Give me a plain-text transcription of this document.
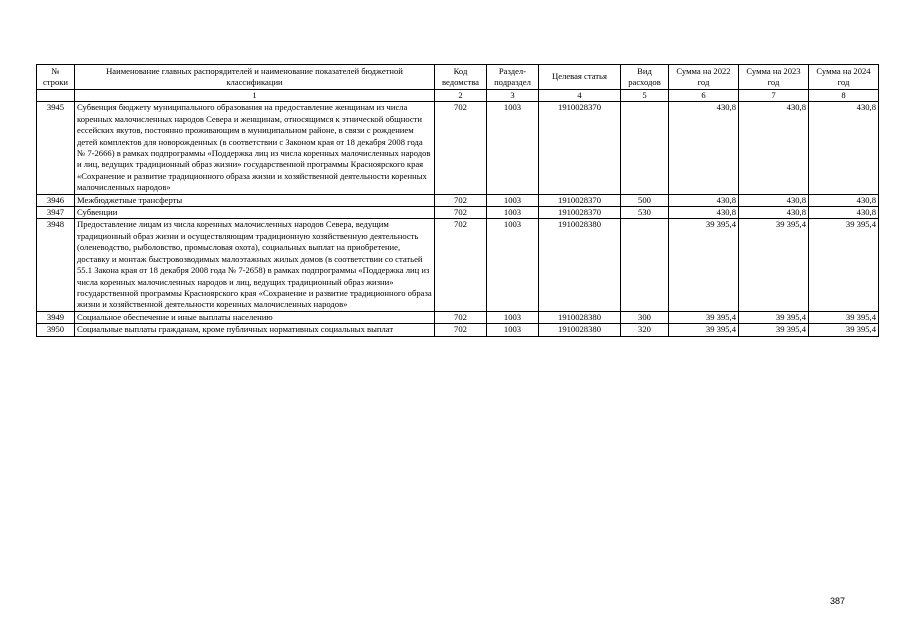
№ строки	Наименование главных распорядителей и наименование показателей бюджетной классификации	Код ведомства	Раздел-подраздел	Целевая статья	Вид расходов	Сумма на 2022 год	Сумма на 2023 год	Сумма на 2024 год
	1	2	3	4	5	6	7	8
3945	Субвенция бюджету муниципального образования на предоставление женщинам из числа коренных малочисленных народов Севера и женщинам, относящимся к этнической общности ессейских якутов, постоянно проживающим в муниципальном районе, в связи с рождением детей комплектов для новорожденных (в соответствии с Законом края от 18 декабря 2008 года № 7-2666) в рамках подпрограммы «Поддержка лиц из числа коренных малочисленных народов и лиц, ведущих традиционный образ жизни» государственной программы Красноярского края «Сохранение и развитие традиционного образа жизни и хозяйственной деятельности коренных малочисленных народов»	702	1003	1910028370		430,8	430,8	430,8
3946	Межбюджетные трансферты	702	1003	1910028370	500	430,8	430,8	430,8
3947	Субвенции	702	1003	1910028370	530	430,8	430,8	430,8
3948	Предоставление лицам из числа коренных малочисленных народов Севера, ведущим традиционный образ жизни и осуществляющим традиционную хозяйственную деятельность (оленеводство, рыболовство, промысловая охота), социальных выплат на приобретение, доставку и монтаж быстровозводимых малоэтажных жилых домов (в соответствии со статьей 55.1 Закона края от 18 декабря 2008 года № 7-2658) в рамках подпрограммы «Поддержка лиц из числа коренных малочисленных народов и лиц, ведущих традиционный образ жизни» государственной программы Красноярского края «Сохранение и развитие традиционного образа жизни и хозяйственной деятельности коренных малочисленных народов»	702	1003	1910028380		39 395,4	39 395,4	39 395,4
3949	Социальное обеспечение и иные выплаты населению	702	1003	1910028380	300	39 395,4	39 395,4	39 395,4
3950	Социальные выплаты гражданам, кроме публичных нормативных социальных выплат	702	1003	1910028380	320	39 395,4	39 395,4	39 395,4
387
